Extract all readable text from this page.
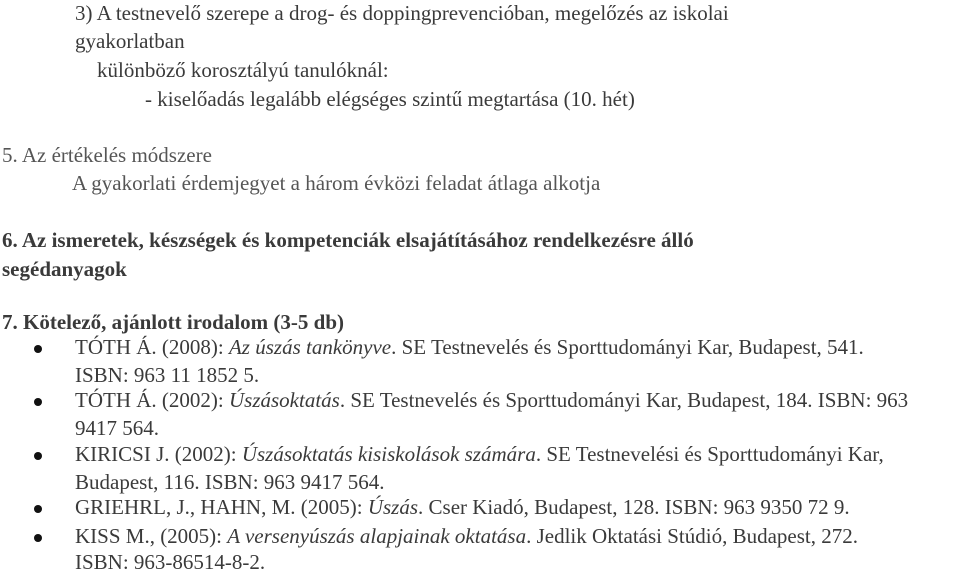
3) A testnevelő szerepe a drog- és doppingprevencióban, megelőzés az iskolai
gyakorlatban
különböző korosztályú tanulóknál:
- kiselőadás legalább elégséges szintű megtartása (10. hét)
5. Az értékelés módszere
A gyakorlati érdemjegyet a három évközi feladat átlaga alkotja
6. Az ismeretek, készségek és kompetenciák elsajátításához rendelkezésre álló
segédanyagok
7. Kötelező, ajánlott irodalom (3-5 db)
TÓTH Á. (2008): Az úszás tankönyve. SE Testnevelés és Sporttudományi Kar, Budapest, 541.
ISBN: 963 11 1852 5.
TÓTH Á. (2002): Úszásoktatás. SE Testnevelés és Sporttudományi Kar, Budapest, 184. ISBN: 963
9417 564.
KIRICSI J. (2002): Úszásoktatás kisiskolások számára. SE Testnevelési és Sporttudományi Kar,
Budapest, 116. ISBN: 963 9417 564.
GRIEHRL, J., HAHN, M. (2005): Úszás. Cser Kiadó, Budapest, 128. ISBN: 963 9350 72 9.
KISS M., (2005): A versenyúszás alapjainak oktatása. Jedlik Oktatási Stúdió, Budapest, 272.
ISBN: 963-86514-8-2.
